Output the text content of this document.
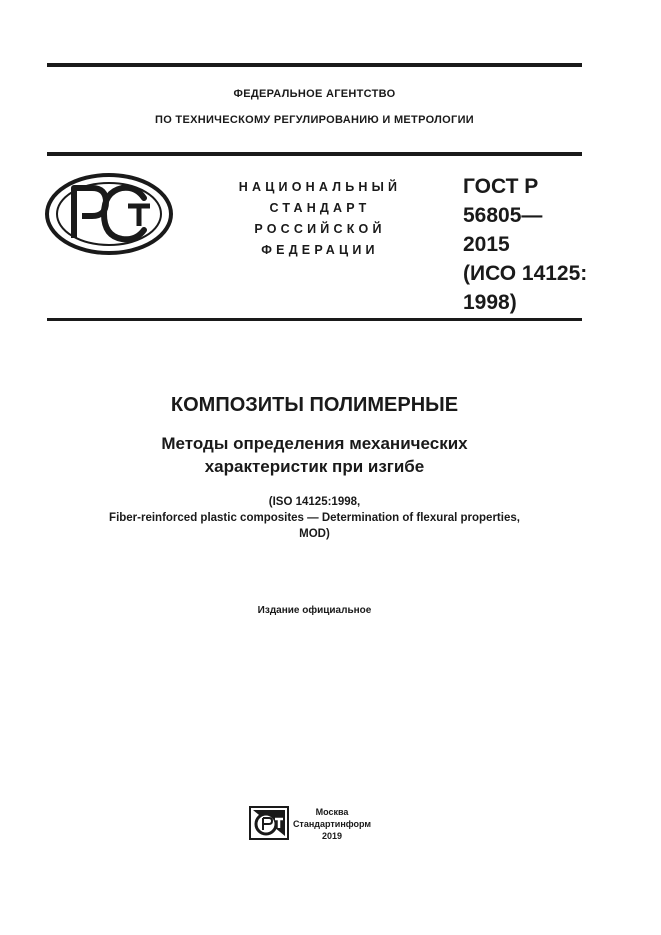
ФЕДЕРАЛЬНОЕ АГЕНТСТВО
ПО ТЕХНИЧЕСКОМУ РЕГУЛИРОВАНИЮ И МЕТРОЛОГИИ
НАЦИОНАЛЬНЫЙ
СТАНДАРТ
РОССИЙСКОЙ
ФЕДЕРАЦИИ
ГОСТ Р
56805—
2015
(ИСО 14125:
1998)
КОМПОЗИТЫ ПОЛИМЕРНЫЕ
Методы определения механических
характеристик при изгибе
(ISO 14125:1998,
Fiber-reinforced plastic composites — Determination of flexural properties,
MOD)
Издание официальное
Москва
Стандартинформ
2019
